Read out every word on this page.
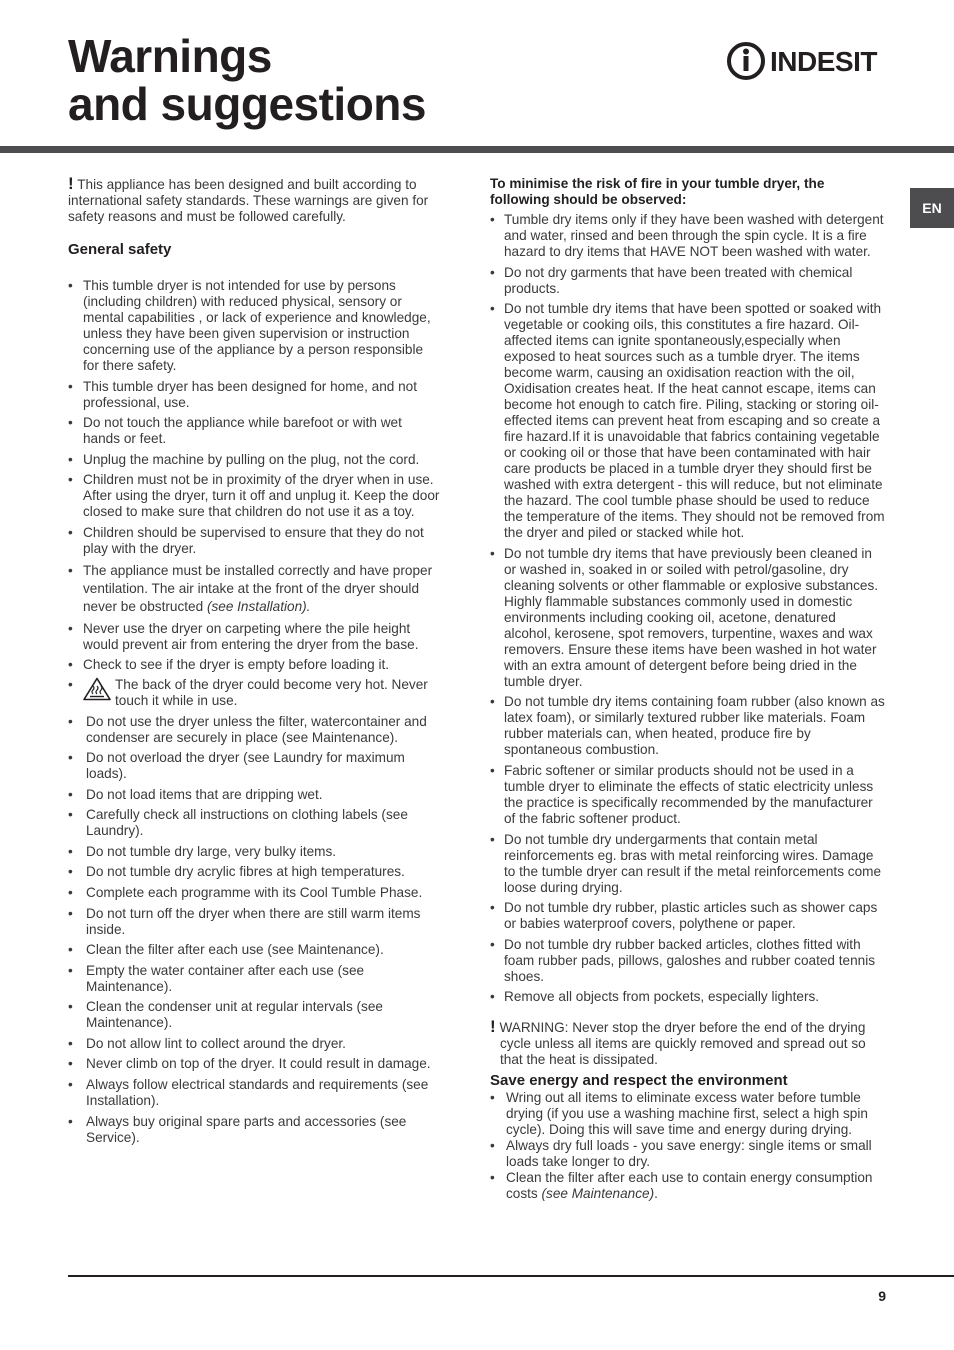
Warnings
and suggestions
INDESIT
EN

! This appliance has been designed and built according to international safety standards. These warnings are given for safety reasons and must be followed carefully.

General safety
• This tumble dryer is not intended for use by persons (including children) with reduced physical, sensory or mental capabilities , or lack of experience and knowledge, unless they have been given supervision or instruction concerning use of the appliance by a person responsible for there safety.
• This tumble dryer has been designed for home, and not professional, use.
• Do not touch the appliance while barefoot or with wet hands or feet.
• Unplug the machine by pulling on the plug, not the cord.
• Children must not be in proximity of the dryer when in use. After using the dryer, turn it off and unplug it. Keep the door closed to make sure that children do not use it as a toy.
• Children should be supervised to ensure that they do not play with the dryer.
• The appliance must be installed correctly and have proper ventilation. The air intake at the front of the dryer should never be obstructed (see Installation).
• Never use the dryer on carpeting where the pile height would prevent air from entering the dryer from the base.
• Check to see if the dryer is empty before loading it.
• The back of the dryer could become very hot. Never touch it while in use.
• Do not use the dryer unless the filter, watercontainer and condenser are securely in place (see Maintenance).
• Do not overload the dryer (see Laundry for maximum loads).
• Do not load items that are dripping wet.
• Carefully check all instructions on clothing labels (see Laundry).
• Do not tumble dry large, very bulky items.
• Do not tumble dry acrylic fibres at high temperatures.
• Complete each programme with its Cool Tumble Phase.
• Do not turn off the dryer when there are still warm items inside.
• Clean the filter after each use (see Maintenance).
• Empty the water container after each use (see Maintenance).
• Clean the condenser unit at regular intervals (see Maintenance).
• Do not allow lint to collect around the dryer.
• Never climb on top of the dryer. It could result in damage.
• Always follow electrical standards and requirements (see Installation).
• Always buy original spare parts and accessories (see Service).

To minimise the risk of fire in your tumble dryer, the following should be observed:

• Tumble dry items only if they have been washed with detergent and water, rinsed and been through the spin cycle. It is a fire hazard to dry items that HAVE NOT been washed with water.
• Do not dry garments that have been treated with chemical products.
• Do not tumble dry items that have been spotted or soaked with vegetable or cooking oils, this constitutes a fire hazard. Oil-affected items can ignite spontaneously,especially when exposed to heat sources such as a tumble dryer. The items become warm, causing an oxidisation reaction with the oil, Oxidisation creates heat. If the heat cannot escape, items can become hot enough to catch fire. Piling, stacking or storing oil-effected items can prevent heat from escaping and so create a fire hazard.If it is unavoidable that fabrics containing vegetable or cooking oil or those that have been contaminated with hair care products be placed in a tumble dryer they should first be washed with extra detergent - this will reduce, but not eliminate the hazard. The cool tumble phase should be used to reduce the temperature of the items. They should not be removed from the dryer and piled or stacked while hot.
• Do not tumble dry items that have previously been cleaned in or washed in, soaked in or soiled with petrol/gasoline, dry cleaning solvents or other flammable or explosive substances. Highly flammable substances commonly used in domestic environments including cooking oil, acetone, denatured alcohol, kerosene, spot removers, turpentine, waxes and wax removers. Ensure these items have been washed in hot water with an extra amount of detergent before being dried in the tumble dryer.
• Do not tumble dry items containing foam rubber (also known as latex foam), or similarly textured rubber like materials. Foam rubber materials can, when heated, produce fire by spontaneous combustion.
• Fabric softener or similar products should not be used in a tumble dryer to eliminate the effects of static electricity unless the practice is specifically recommended by the manufacturer of the fabric softener product.
• Do not tumble dry undergarments that contain metal reinforcements eg. bras with metal reinforcing wires. Damage to the tumble dryer can result if the metal reinforcements come loose during drying.
• Do not tumble dry rubber, plastic articles such as shower caps or babies waterproof covers, polythene or paper.
• Do not tumble dry rubber backed articles, clothes fitted with foam rubber pads, pillows, galoshes and rubber coated tennis shoes.
• Remove all objects from pockets, especially lighters.

! WARNING: Never stop the dryer before the end of the drying cycle unless all items are quickly removed and spread out so that the heat is dissipated.

Save energy and respect the environment
• Wring out all items to eliminate excess water before tumble drying (if you use a washing machine first, select a high spin cycle). Doing this will save time and energy during drying.
• Always dry full loads - you save energy: single items or small loads take longer to dry.
• Clean the filter after each use to contain energy consumption costs (see Maintenance).
9
